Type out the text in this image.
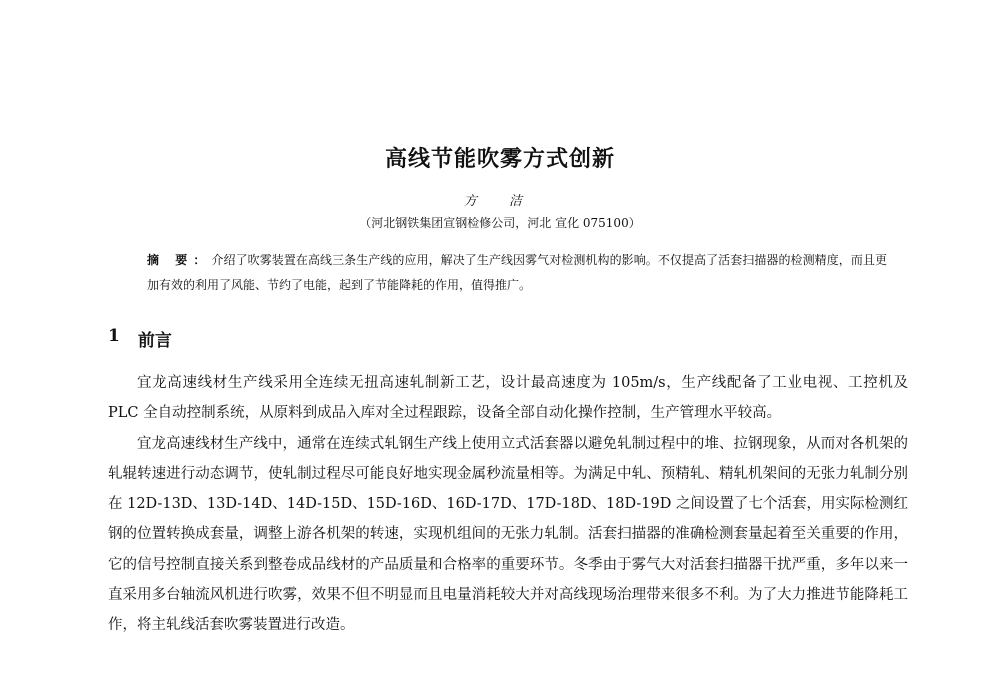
高线节能吹雾方式创新
方 洁
（河北钢铁集团宣钢检修公司，河北 宣化 075100）
摘 要：介绍了吹雾装置在高线三条生产线的应用，解决了生产线因雾气对检测机构的影响。不仅提高了活套扫描器的检测精度，而且更加有效的利用了风能、节约了电能，起到了节能降耗的作用，值得推广。
1 前言

宜龙高速线材生产线采用全连续无扭高速轧制新工艺，设计最高速度为 105m/s，生产线配备了工业电视、工控机及 PLC 全自动控制系统，从原料到成品入库对全过程跟踪，设备全部自动化操作控制，生产管理水平较高。

宜龙高速线材生产线中，通常在连续式轧钢生产线上使用立式活套器以避免轧制过程中的堆、拉钢现象，从而对各机架的轧辊转速进行动态调节，使轧制过程尽可能良好地实现金属秒流量相等。为满足中轧、预精轧、精轧机架间的无张力轧制分别在 12D-13D、13D-14D、14D-15D、15D-16D、16D-17D、17D-18D、18D-19D 之间设置了七个活套，用实际检测红钢的位置转换成套量，调整上游各机架的转速，实现机组间的无张力轧制。活套扫描器的准确检测套量起着至关重要的作用，它的信号控制直接关系到整卷成品线材的产品质量和合格率的重要环节。冬季由于雾气大对活套扫描器干扰严重，多年以来一直采用多台轴流风机进行吹雾，效果不但不明显而且电量消耗较大并对高线现场治理带来很多不利。为了大力推进节能降耗工作，将主轧线活套吹雾装置进行改造。
